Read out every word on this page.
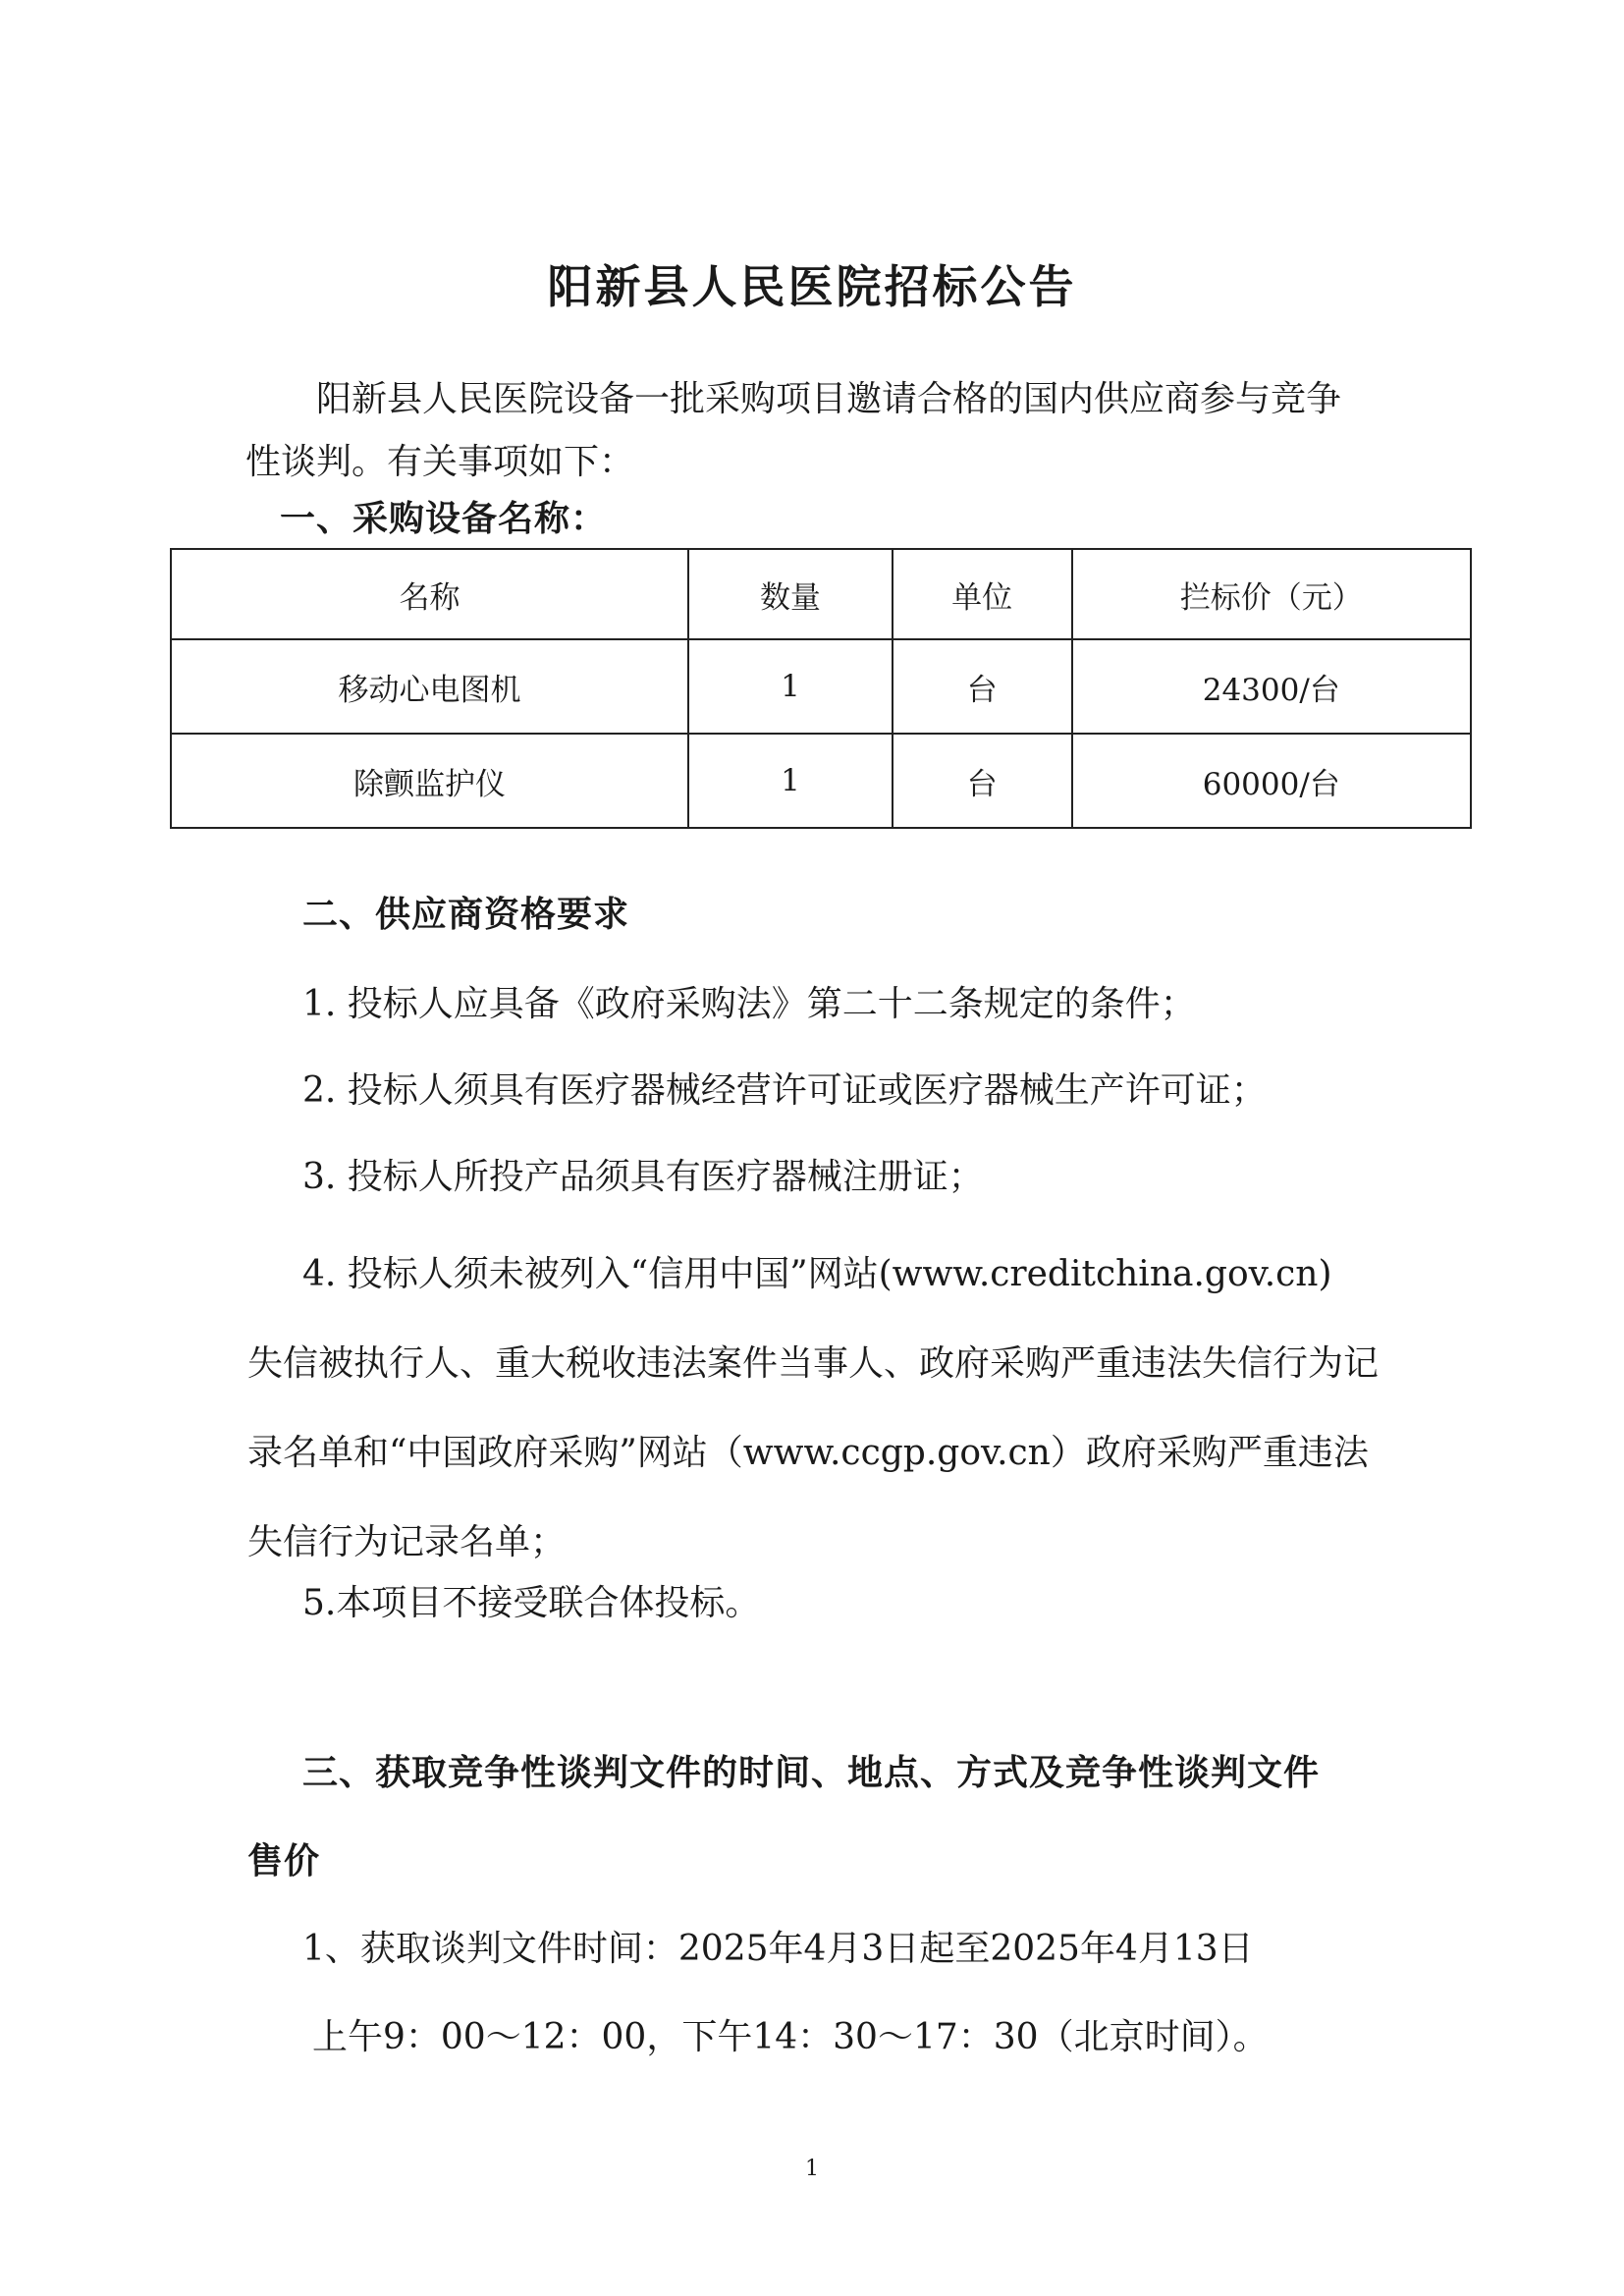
阳新县人民医院招标公告
阳新县人民医院设备一批采购项目邀请合格的国内供应商参与竞争性谈判。有关事项如下：
一、采购设备名称：
名称	数量	单位	拦标价（元）
移动心电图机	1	台	24300/台
除颤监护仪	1	台	60000/台
二、供应商资格要求
1. 投标人应具备《政府采购法》第二十二条规定的条件；
2. 投标人须具有医疗器械经营许可证或医疗器械生产许可证；
3. 投标人所投产品须具有医疗器械注册证；
4. 投标人须未被列入“信用中国”网站(www.creditchina.gov.cn)
失信被执行人、重大税收违法案件当事人、政府采购严重违法失信行为记录名单和“中国政府采购”网站（www.ccgp.gov.cn）政府采购严重违法失信行为记录名单；
5.本项目不接受联合体投标。
三、获取竞争性谈判文件的时间、地点、方式及竞争性谈判文件
售价
1、获取谈判文件时间：2025年4月3日起至2025年4月13日
上午9：00～12：00，下午14：30～17：30（北京时间）。
1
